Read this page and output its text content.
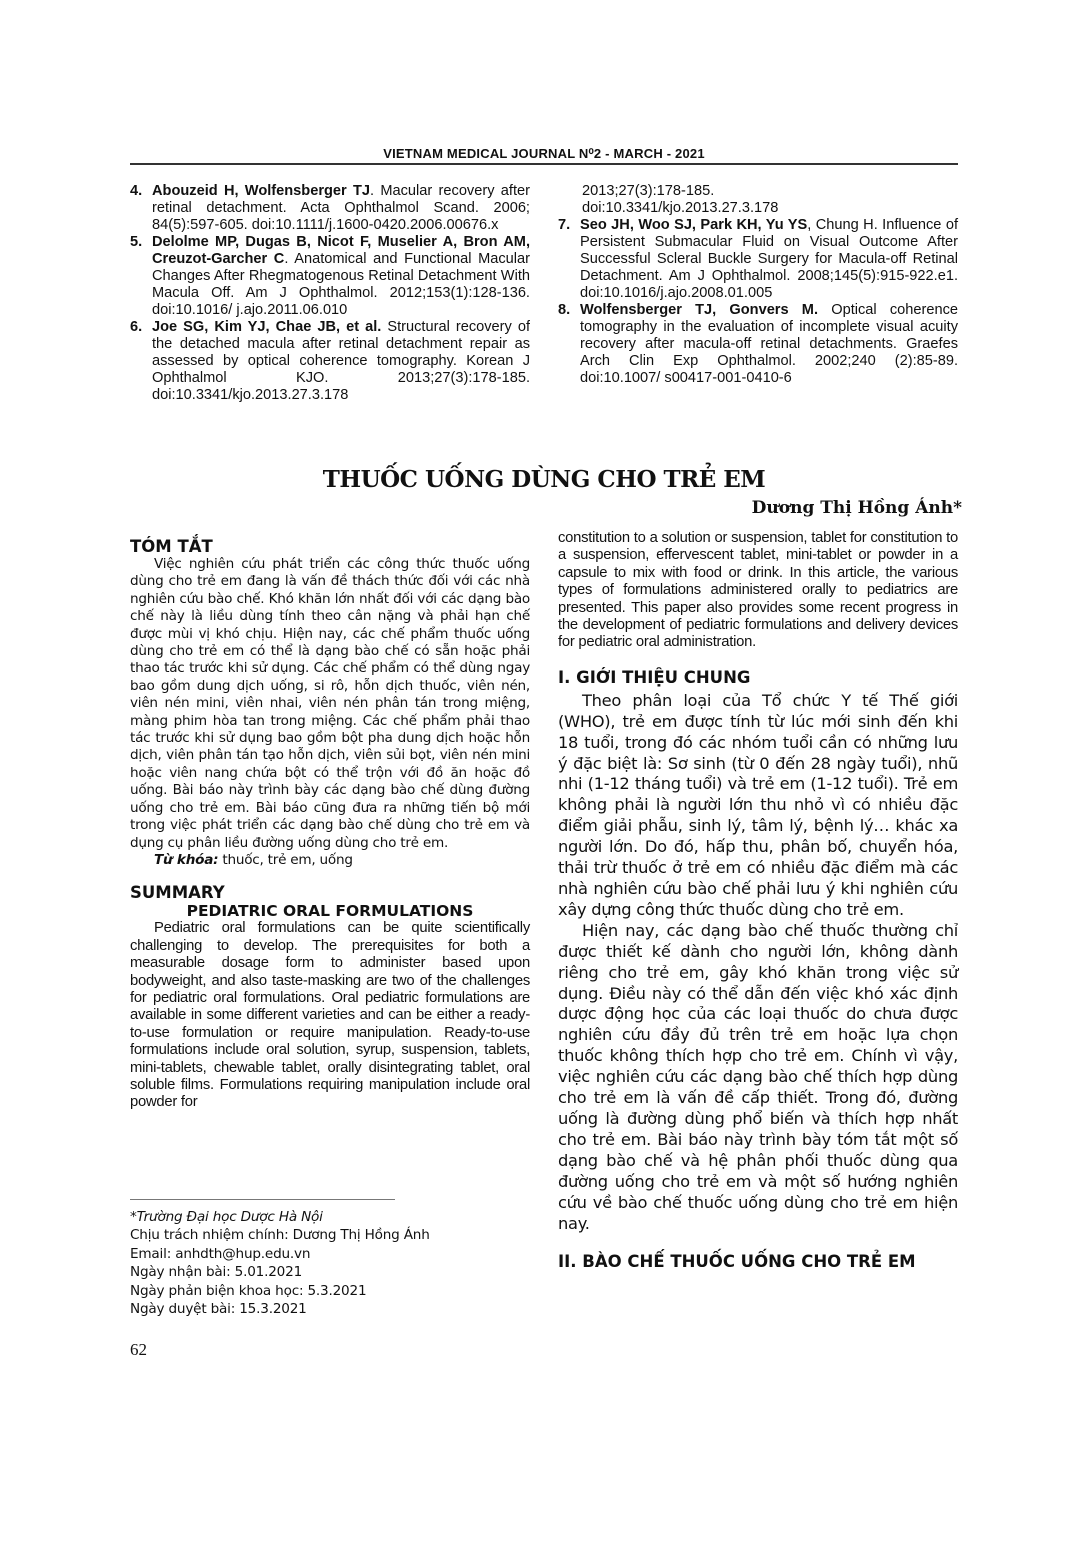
VIETNAM MEDICAL JOURNAL N⁰2 - MARCH - 2021
4. Abouzeid H, Wolfensberger TJ. Macular recovery after retinal detachment. Acta Ophthalmol Scand. 2006; 84(5):597-605. doi:10.1111/j.1600-0420.2006.00676.x
5. Delolme MP, Dugas B, Nicot F, Muselier A, Bron AM, Creuzot-Garcher C. Anatomical and Functional Macular Changes After Rhegmatogenous Retinal Detachment With Macula Off. Am J Ophthalmol. 2012;153(1):128-136. doi:10.1016/ j.ajo.2011.06.010
6. Joe SG, Kim YJ, Chae JB, et al. Structural recovery of the detached macula after retinal detachment repair as assessed by optical coherence tomography. Korean J Ophthalmol KJO. 2013;27(3):178-185. doi:10.3341/kjo.2013.27.3.178
2013;27(3):178-185.
doi:10.3341/kjo.2013.27.3.178
7. Seo JH, Woo SJ, Park KH, Yu YS, Chung H. Influence of Persistent Submacular Fluid on Visual Outcome After Successful Scleral Buckle Surgery for Macula-off Retinal Detachment. Am J Ophthalmol. 2008;145(5):915-922.e1. doi:10.1016/j.ajo.2008.01.005
8. Wolfensberger TJ, Gonvers M. Optical coherence tomography in the evaluation of incomplete visual acuity recovery after macula-off retinal detachments. Graefes Arch Clin Exp Ophthalmol. 2002;240 (2):85-89. doi:10.1007/ s00417-001-0410-6
THUỐC UỐNG DÙNG CHO TRẺ EM
Dương Thị Hồng Ánh*
TÓM TẮT

Việc nghiên cứu phát triển các công thức thuốc uống dùng cho trẻ em đang là vấn đề thách thức đối với các nhà nghiên cứu bào chế. Khó khăn lớn nhất đối với các dạng bào chế này là liều dùng tính theo cân nặng và phải hạn chế được mùi vị khó chịu. Hiện nay, các chế phẩm thuốc uống dùng cho trẻ em có thể là dạng bào chế có sẵn hoặc phải thao tác trước khi sử dụng. Các chế phẩm có thể dùng ngay bao gồm dung dịch uống, si rô, hỗn dịch thuốc, viên nén, viên nén mini, viên nhai, viên nén phân tán trong miệng, màng phim hòa tan trong miệng. Các chế phẩm phải thao tác trước khi sử dụng bao gồm bột pha dung dịch hoặc hỗn dịch, viên phân tán tạo hỗn dịch, viên sủi bọt, viên nén mini hoặc viên nang chứa bột có thể trộn với đồ ăn hoặc đồ uống. Bài báo này trình bày các dạng bào chế dùng đường uống cho trẻ em. Bài báo cũng đưa ra những tiến bộ mới trong việc phát triển các dạng bào chế dùng cho trẻ em và dụng cụ phân liều đường uống dùng cho trẻ em.

Từ khóa: thuốc, trẻ em, uống

SUMMARY
PEDIATRIC ORAL FORMULATIONS

Pediatric oral formulations can be quite scientifically challenging to develop. The prerequisites for both a measurable dosage form to administer based upon bodyweight, and also taste-masking are two of the challenges for pediatric oral formulations. Oral pediatric formulations are available in some different varieties and can be either a ready-to-use formulation or require manipulation. Ready-to-use formulations include oral solution, syrup, suspension, tablets, mini-tablets, chewable tablet, orally disintegrating tablet, oral soluble films. Formulations requiring manipulation include oral powder for

*Trường Đại học Dược Hà Nội
Chịu trách nhiệm chính: Dương Thị Hồng Ánh
Email: anhdth@hup.edu.vn
Ngày nhận bài: 5.01.2021
Ngày phản biện khoa học: 5.3.2021
Ngày duyệt bài: 15.3.2021
62

constitution to a solution or suspension, tablet for constitution to a suspension, effervescent tablet, mini-tablet or powder in a capsule to mix with food or drink. In this article, the various types of formulations administered orally to pediatrics are presented. This paper also provides some recent progress in the development of pediatric formulations and delivery devices for pediatric oral administration.

I. GIỚI THIỆU CHUNG

Theo phân loại của Tổ chức Y tế Thế giới (WHO), trẻ em được tính từ lúc mới sinh đến khi 18 tuổi, trong đó các nhóm tuổi cần có những lưu ý đặc biệt là: Sơ sinh (từ 0 đến 28 ngày tuổi), nhũ nhi (1-12 tháng tuổi) và trẻ em (1-12 tuổi). Trẻ em không phải là người lớn thu nhỏ vì có nhiều đặc điểm giải phẫu, sinh lý, tâm lý, bệnh lý… khác xa người lớn. Do đó, hấp thu, phân bố, chuyển hóa, thải trừ thuốc ở trẻ em có nhiều đặc điểm mà các nhà nghiên cứu bào chế phải lưu ý khi nghiên cứu xây dựng công thức thuốc dùng cho trẻ em.

Hiện nay, các dạng bào chế thuốc thường chỉ được thiết kế dành cho người lớn, không dành riêng cho trẻ em, gây khó khăn trong việc sử dụng. Điều này có thể dẫn đến việc khó xác định dược động học của các loại thuốc do chưa được nghiên cứu đầy đủ trên trẻ em hoặc lựa chọn thuốc không thích hợp cho trẻ em. Chính vì vậy, việc nghiên cứu các dạng bào chế thích hợp dùng cho trẻ em là vấn đề cấp thiết. Trong đó, đường uống là đường dùng phổ biến và thích hợp nhất cho trẻ em. Bài báo này trình bày tóm tắt một số dạng bào chế và hệ phân phối thuốc dùng qua đường uống cho trẻ em và một số hướng nghiên cứu về bào chế thuốc uống dùng cho trẻ em hiện nay.

II. BÀO CHẾ THUỐC UỐNG CHO TRẺ EM
